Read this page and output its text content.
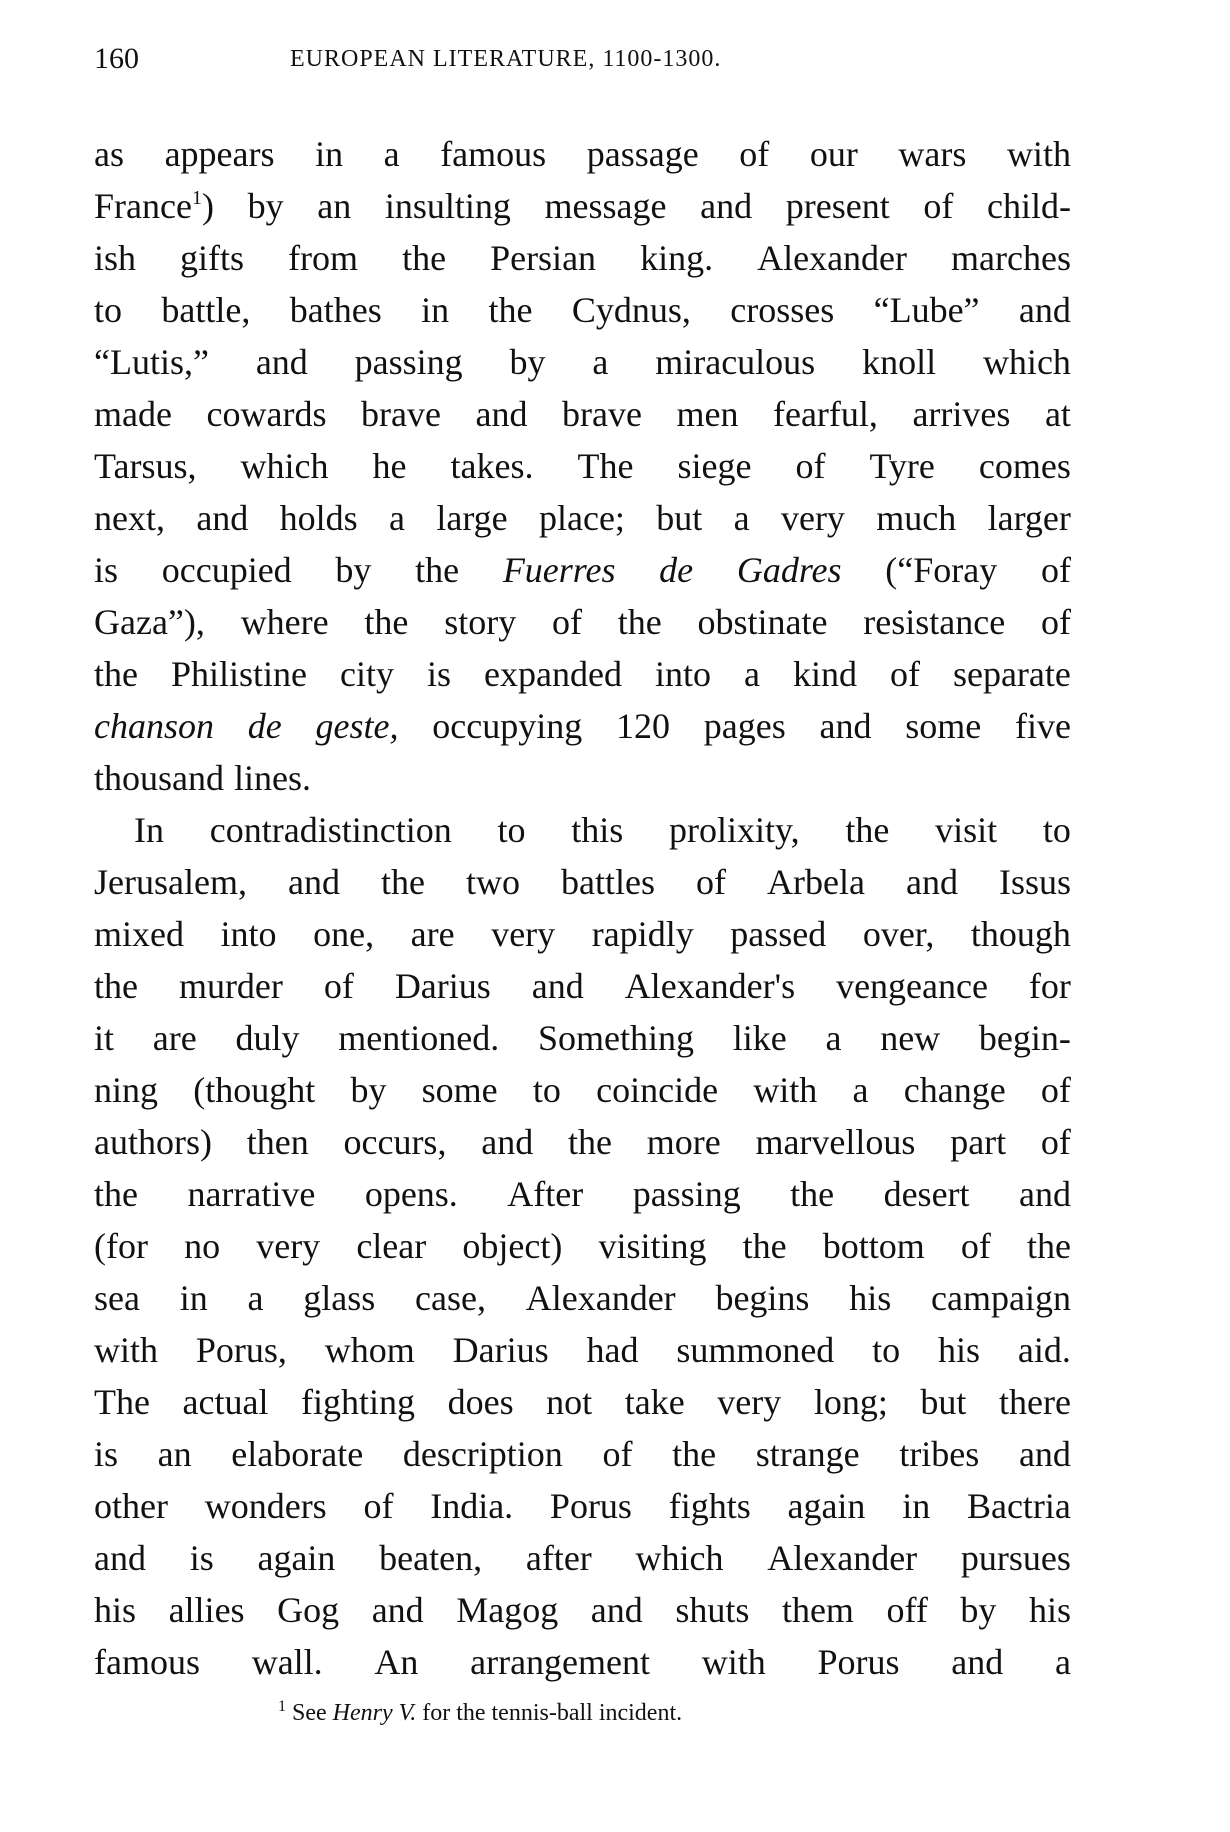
160	EUROPEAN LITERATURE, 1100-1300.
as appears in a famous passage of our wars with
France$^1$) by an insulting message and present of child-
ish gifts from the Persian king. Alexander marches
to battle, bathes in the Cydnus, crosses “Lube” and
“Lutis,” and passing by a miraculous knoll which
made cowards brave and brave men fearful, arrives at
Tarsus, which he takes. The siege of Tyre comes
next, and holds a large place; but a very much larger
is occupied by the Fuerres de Gadres (“Foray of
Gaza”), where the story of the obstinate resistance of
the Philistine city is expanded into a kind of separate
chanson de geste, occupying 120 pages and some five
thousand lines.
In contradistinction to this prolixity, the visit to
Jerusalem, and the two battles of Arbela and Issus
mixed into one, are very rapidly passed over, though
the murder of Darius and Alexander's vengeance for
it are duly mentioned. Something like a new begin-
ning (thought by some to coincide with a change of
authors) then occurs, and the more marvellous part of
the narrative opens. After passing the desert and
(for no very clear object) visiting the bottom of the
sea in a glass case, Alexander begins his campaign
with Porus, whom Darius had summoned to his aid.
The actual fighting does not take very long; but there
is an elaborate description of the strange tribes and
other wonders of India. Porus fights again in Bactria
and is again beaten, after which Alexander pursues
his allies Gog and Magog and shuts them off by his
famous wall. An arrangement with Porus and a
$^1$ See Henry V. for the tennis-ball incident.
